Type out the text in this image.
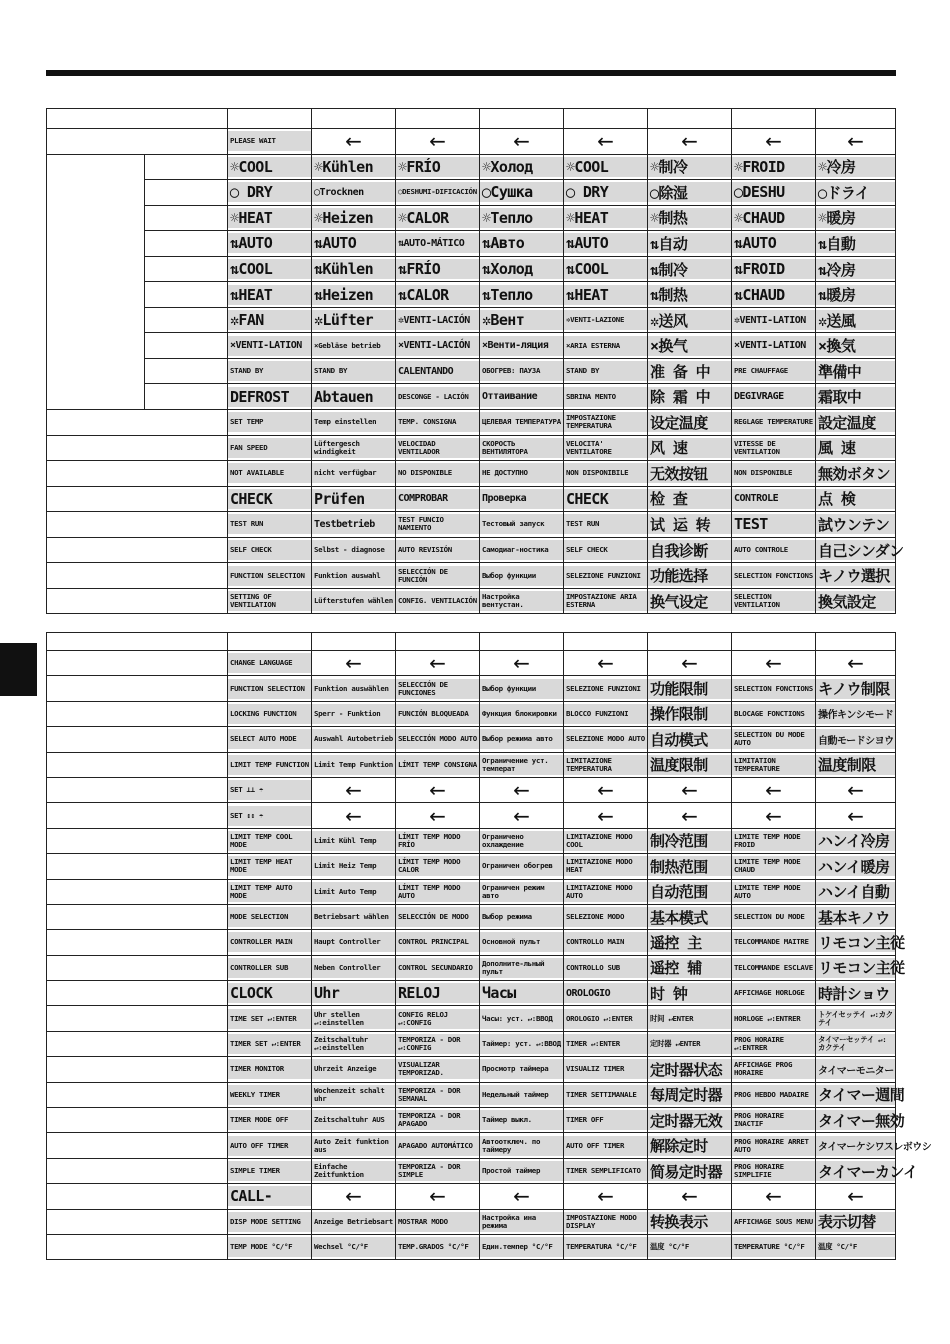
		PLEASE WAIT	←	←	←	←	←	←	←

		☼COOL	☼Kühlen	☼FRÍO	☼Холод	☼COOL	☼制冷	☼FROID	☼冷房

		◯ DRY	◯Trocknen	◯DESHUMI-DIFICACIÓN	◯Сушка	◯ DRY	◯除湿	◯DESHU	◯ドライ

		☼HEAT	☼Heizen	☼CALOR	☼Тепло	☼HEAT	☼制热	☼CHAUD	☼暖房

		⇅AUTO	⇅AUTO	⇅AUTO-MÁTICO	⇅Авто	⇅AUTO	⇅自动	⇅AUTO	⇅自動

		⇅COOL	⇅Kühlen	⇅FRÍO	⇅Холод	⇅COOL	⇅制冷	⇅FROID	⇅冷房

		⇅HEAT	⇅Heizen	⇅CALOR	⇅Тепло	⇅HEAT	⇅制热	⇅CHAUD	⇅暖房

		✲FAN	✲Lüfter	✲VENTI-LACIÓN	✲Вент	✲VENTI-LAZIONE	✲送风	✲VENTI-LATION	✲送風

		⨯VENTI-LATION	⨯Gebläse betrieb	⨯VENTI-LACIÓN	⨯Венти-ляция	⨯ARIA ESTERNA	⨯换气	⨯VENTI-LATION	⨯換気

		STAND BY	STAND BY	CALENTANDO	ОБОГРЕВ: ПАУЗА	STAND BY	准 备 中	PRE CHAUFFAGE	準備中

		DEFROST	Abtauen	DESCONGE - LACIÓN	Оттаивание	SBRINA MENTO	除 霜 中	DEGIVRAGE	霜取中

		SET TEMP	Temp einstellen	TEMP. CONSIGNA	ЦЕЛЕВАЯ ТЕМПЕРАТУРА	IMPOSTAZIONE TEMPERATURA	设定温度	REGLAGE TEMPERATURE	設定温度

		FAN SPEED	Lüftergesch windigkeit	VELOCIDAD VENTILADOR	СКОРОСТЬ ВЕНТИЛЯТОРА	VELOCITA' VENTILATORE	风 速	VITESSE DE VENTILATION	風 速

		NOT AVAILABLE	nicht verfügbar	NO DISPONIBLE	НЕ ДОСТУПНО	NON DISPONIBILE	无效按钮	NON DISPONIBLE	無効ボタン

		CHECK	Prüfen	COMPROBAR	Проверка	CHECK	检 查	CONTROLE	点 検

		TEST RUN	Testbetrieb	TEST FUNCIO NAMIENTO	Тестовый запуск	TEST RUN	试 运 转	TEST	試ウンテン

		SELF CHECK	Selbst - diagnose	AUTO REVISIÓN	Самодиаг-ностика	SELF CHECK	自我诊断	AUTO CONTROLE	自己シンダン

		FUNCTION SELECTION	Funktion auswahl	SELECCIÓN DE FUNCIÓN	Выбор функции	SELEZIONE FUNZIONI	功能选择	SELECTION FONCTIONS	キノウ選択

		SETTING OF VENTILATION	Lüfterstufen wählen	CONFIG. VENTILACIÓN	Настройка вентустан.	IMPOSTAZIONE ARIA ESTERNA	换气设定	SELECTION VENTILATION	換気設定

	CHANGE LANGUAGE	←	←	←	←	←	←	←

	FUNCTION SELECTION	Funktion auswählen	SELECCIÓN DE FUNCIONES	Выбор функции	SELEZIONE FUNZIONI	功能限制	SELECTION FONCTIONS	キノウ制限

	LOCKING FUNCTION	Sperr - Funktion	FUNCIÓN BLOQUEADA	Функция блокировки	BLOCCO FUNZIONI	操作限制	BLOCAGE FONCTIONS	操作キンシモード

	SELECT AUTO MODE	Auswahl Autobetrieb	SELECCIÓN MODO AUTO	Выбор режима авто	SELEZIONE MODO AUTO	自动模式	SELECTION DU MODE AUTO	自動モードシヨウ

	LIMIT TEMP FUNCTION	Limit Temp Funktion	LÍMIT TEMP CONSIGNA	Ограничение уст. температ	LIMITAZIONE TEMPERATURA	温度限制	LIMITATION TEMPERATURE	温度制限

	SET ⊥⊥ ☂	←	←	←	←	←	←	←

	SET ↕↕ ☂	←	←	←	←	←	←	←

	LIMIT TEMP COOL MODE	Limit Kühl Temp	LÍMIT TEMP MODO FRÍO	Ограничено охлаждение	LIMITAZIONE MODO COOL	制冷范围	LIMITE TEMP MODE FROID	ハンイ冷房

	LIMIT TEMP HEAT MODE	Limit Heiz Temp	LÍMIT TEMP MODO CALOR	Ограничен обогрев	LIMITAZIONE MODO HEAT	制热范围	LIMITE TEMP MODE CHAUD	ハンイ暖房

	LIMIT TEMP AUTO MODE	Limit Auto Temp	LÍMIT TEMP MODO AUTO	Ограничен режим авто	LIMITAZIONE MODO AUTO	自动范围	LIMITE TEMP MODE AUTO	ハンイ自動

	MODE SELECTION	Betriebsart wählen	SELECCIÓN DE MODO	Выбор режима	SELEZIONE MODO	基本模式	SELECTION DU MODE	基本キノウ

	CONTROLLER MAIN	Haupt Controller	CONTROL PRINCIPAL	Основной пульт	CONTROLLO MAIN	遥控 主	TELCOMMANDE MAITRE	リモコン主従

	CONTROLLER SUB	Neben Controller	CONTROL SECUNDARIO	Дополните-льный пульт	CONTROLLO SUB	遥控 辅	TELCOMMANDE ESCLAVE	リモコン主従

	CLOCK	Uhr	RELOJ	Часы	OROLOGIO	时 钟	AFFICHAGE HORLOGE	時計ショウ

	TIME SET ↵:ENTER	Uhr stellen ↵:einstellen	CONFIG RELOJ ↵:CONFIG	Часы: уст. ↵:ВВОД	OROLOGIO ↵:ENTER	时间 ↵ENTER	HORLOGE ↵:ENTRER	トケイセッテイ ↵:カクテイ

	TIMER SET ↵:ENTER	Zeitschaltuhr ↵:einstellen	TEMPORIZA - DOR ↵:CONFIG	Таймер: уст. ↵:ВВОД	TIMER ↵:ENTER	定时器 ↵ENTER	PROG HORAIRE ↵:ENTRER	タイマーセッテイ ↵:カクテイ

	TIMER MONITOR	Uhrzeit Anzeige	VISUALIZAR TEMPORIZAD.	Просмотр таймера	VISUALIZ TIMER	定时器状态	AFFICHAGE PROG HORAIRE	タイマーモニター

	WEEKLY TIMER	Wochenzeit schalt uhr	TEMPORIZA - DOR SEMANAL	Недельный таймер	TIMER SETTIMANALE	每周定时器	PROG HEBDO MADAIRE	タイマー週間

	TIMER MODE OFF	Zeitschaltuhr AUS	TEMPORIZA - DOR APAGADO	Таймер выкл.	TIMER OFF	定时器无效	PROG HORAIRE INACTIF	タイマー無効

	AUTO OFF TIMER	Auto Zeit funktion aus	APAGADO AUTOMÁTICO	Автоотключ. по таймеру	AUTO OFF TIMER	解除定时	PROG HORAIRE ARRET AUTO	タイマーケシワスレボウシ

	SIMPLE TIMER	Einfache Zeitfunktion	TEMPORIZA - DOR SIMPLE	Простой таймер	TIMER SEMPLIFICATO	简易定时器	PROG HORAIRE SIMPLIFIE	タイマーカンイ

	CALL-	←	←	←	←	←	←	←

	DISP MODE SETTING	Anzeige Betriebsart	MOSTRAR MODO	Настройка ина режима	IMPOSTAZIONE MODO DISPLAY	转换表示	AFFICHAGE SOUS MENU	表示切替

	TEMP MODE °C/°F	Wechsel °C/°F	TEMP.GRADOS °C/°F	Един.темпер °C/°F	TEMPERATURA °C/°F	温度 °C/°F	TEMPERATURE °C/°F	温度 °C/°F
